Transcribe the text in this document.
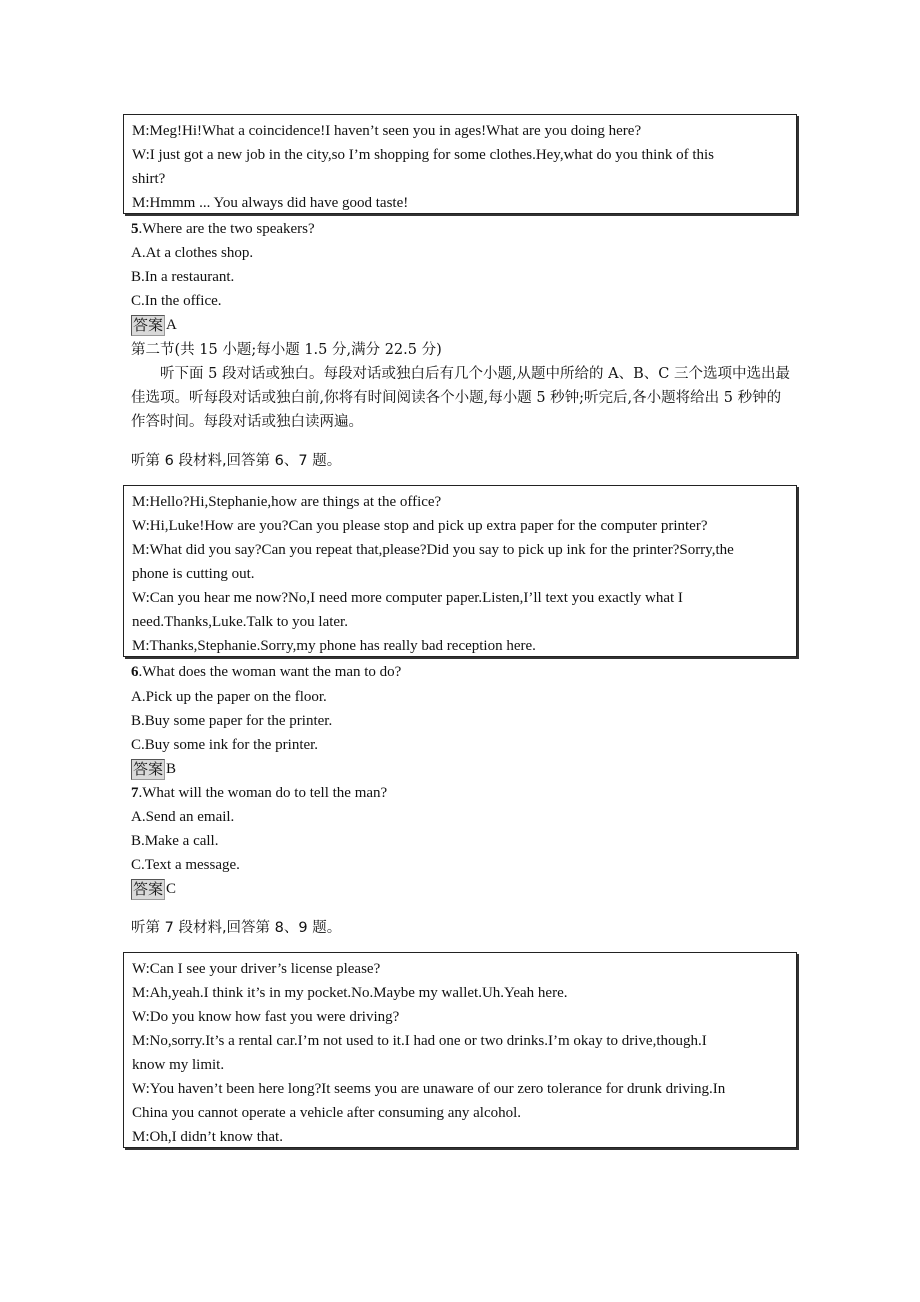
M:Meg!Hi!What a coincidence!I haven’t seen you in ages!What are you doing here?
W:I just got a new job in the city,so I’m shopping for some clothes.Hey,what do you think of this
shirt?
M:Hmmm ... You always did have good taste!
5.Where are the two speakers?
A.At a clothes shop.
B.In a restaurant.
C.In the office.
答案 A
第二节(共 15 小题;每小题 1.5 分,满分 22.5 分)
听下面 5 段对话或独白。每段对话或独白后有几个小题,从题中所给的 A、B、C 三个选项中选出最佳选项。听每段对话或独白前,你将有时间阅读各个小题,每小题 5 秒钟;听完后,各小题将给出 5 秒钟的作答时间。每段对话或独白读两遍。
听第 6 段材料,回答第 6、7 题。
M:Hello?Hi,Stephanie,how are things at the office?
W:Hi,Luke!How are you?Can you please stop and pick up extra paper for the computer printer?
M:What did you say?Can you repeat that,please?Did you say to pick up ink for the printer?Sorry,the
phone is cutting out.
W:Can you hear me now?No,I need more computer paper.Listen,I’ll text you exactly what I
need.Thanks,Luke.Talk to you later.
M:Thanks,Stephanie.Sorry,my phone has really bad reception here.
6.What does the woman want the man to do?
A.Pick up the paper on the floor.
B.Buy some paper for the printer.
C.Buy some ink for the printer.
答案 B
7.What will the woman do to tell the man?
A.Send an email.
B.Make a call.
C.Text a message.
答案 C
听第 7 段材料,回答第 8、9 题。
W:Can I see your driver’s license please?
M:Ah,yeah.I think it’s in my pocket.No.Maybe my wallet.Uh.Yeah here.
W:Do you know how fast you were driving?
M:No,sorry.It’s a rental car.I’m not used to it.I had one or two drinks.I’m okay to drive,though.I
know my limit.
W:You haven’t been here long?It seems you are unaware of our zero tolerance for drunk driving.In
China you cannot operate a vehicle after consuming any alcohol.
M:Oh,I didn’t know that.
